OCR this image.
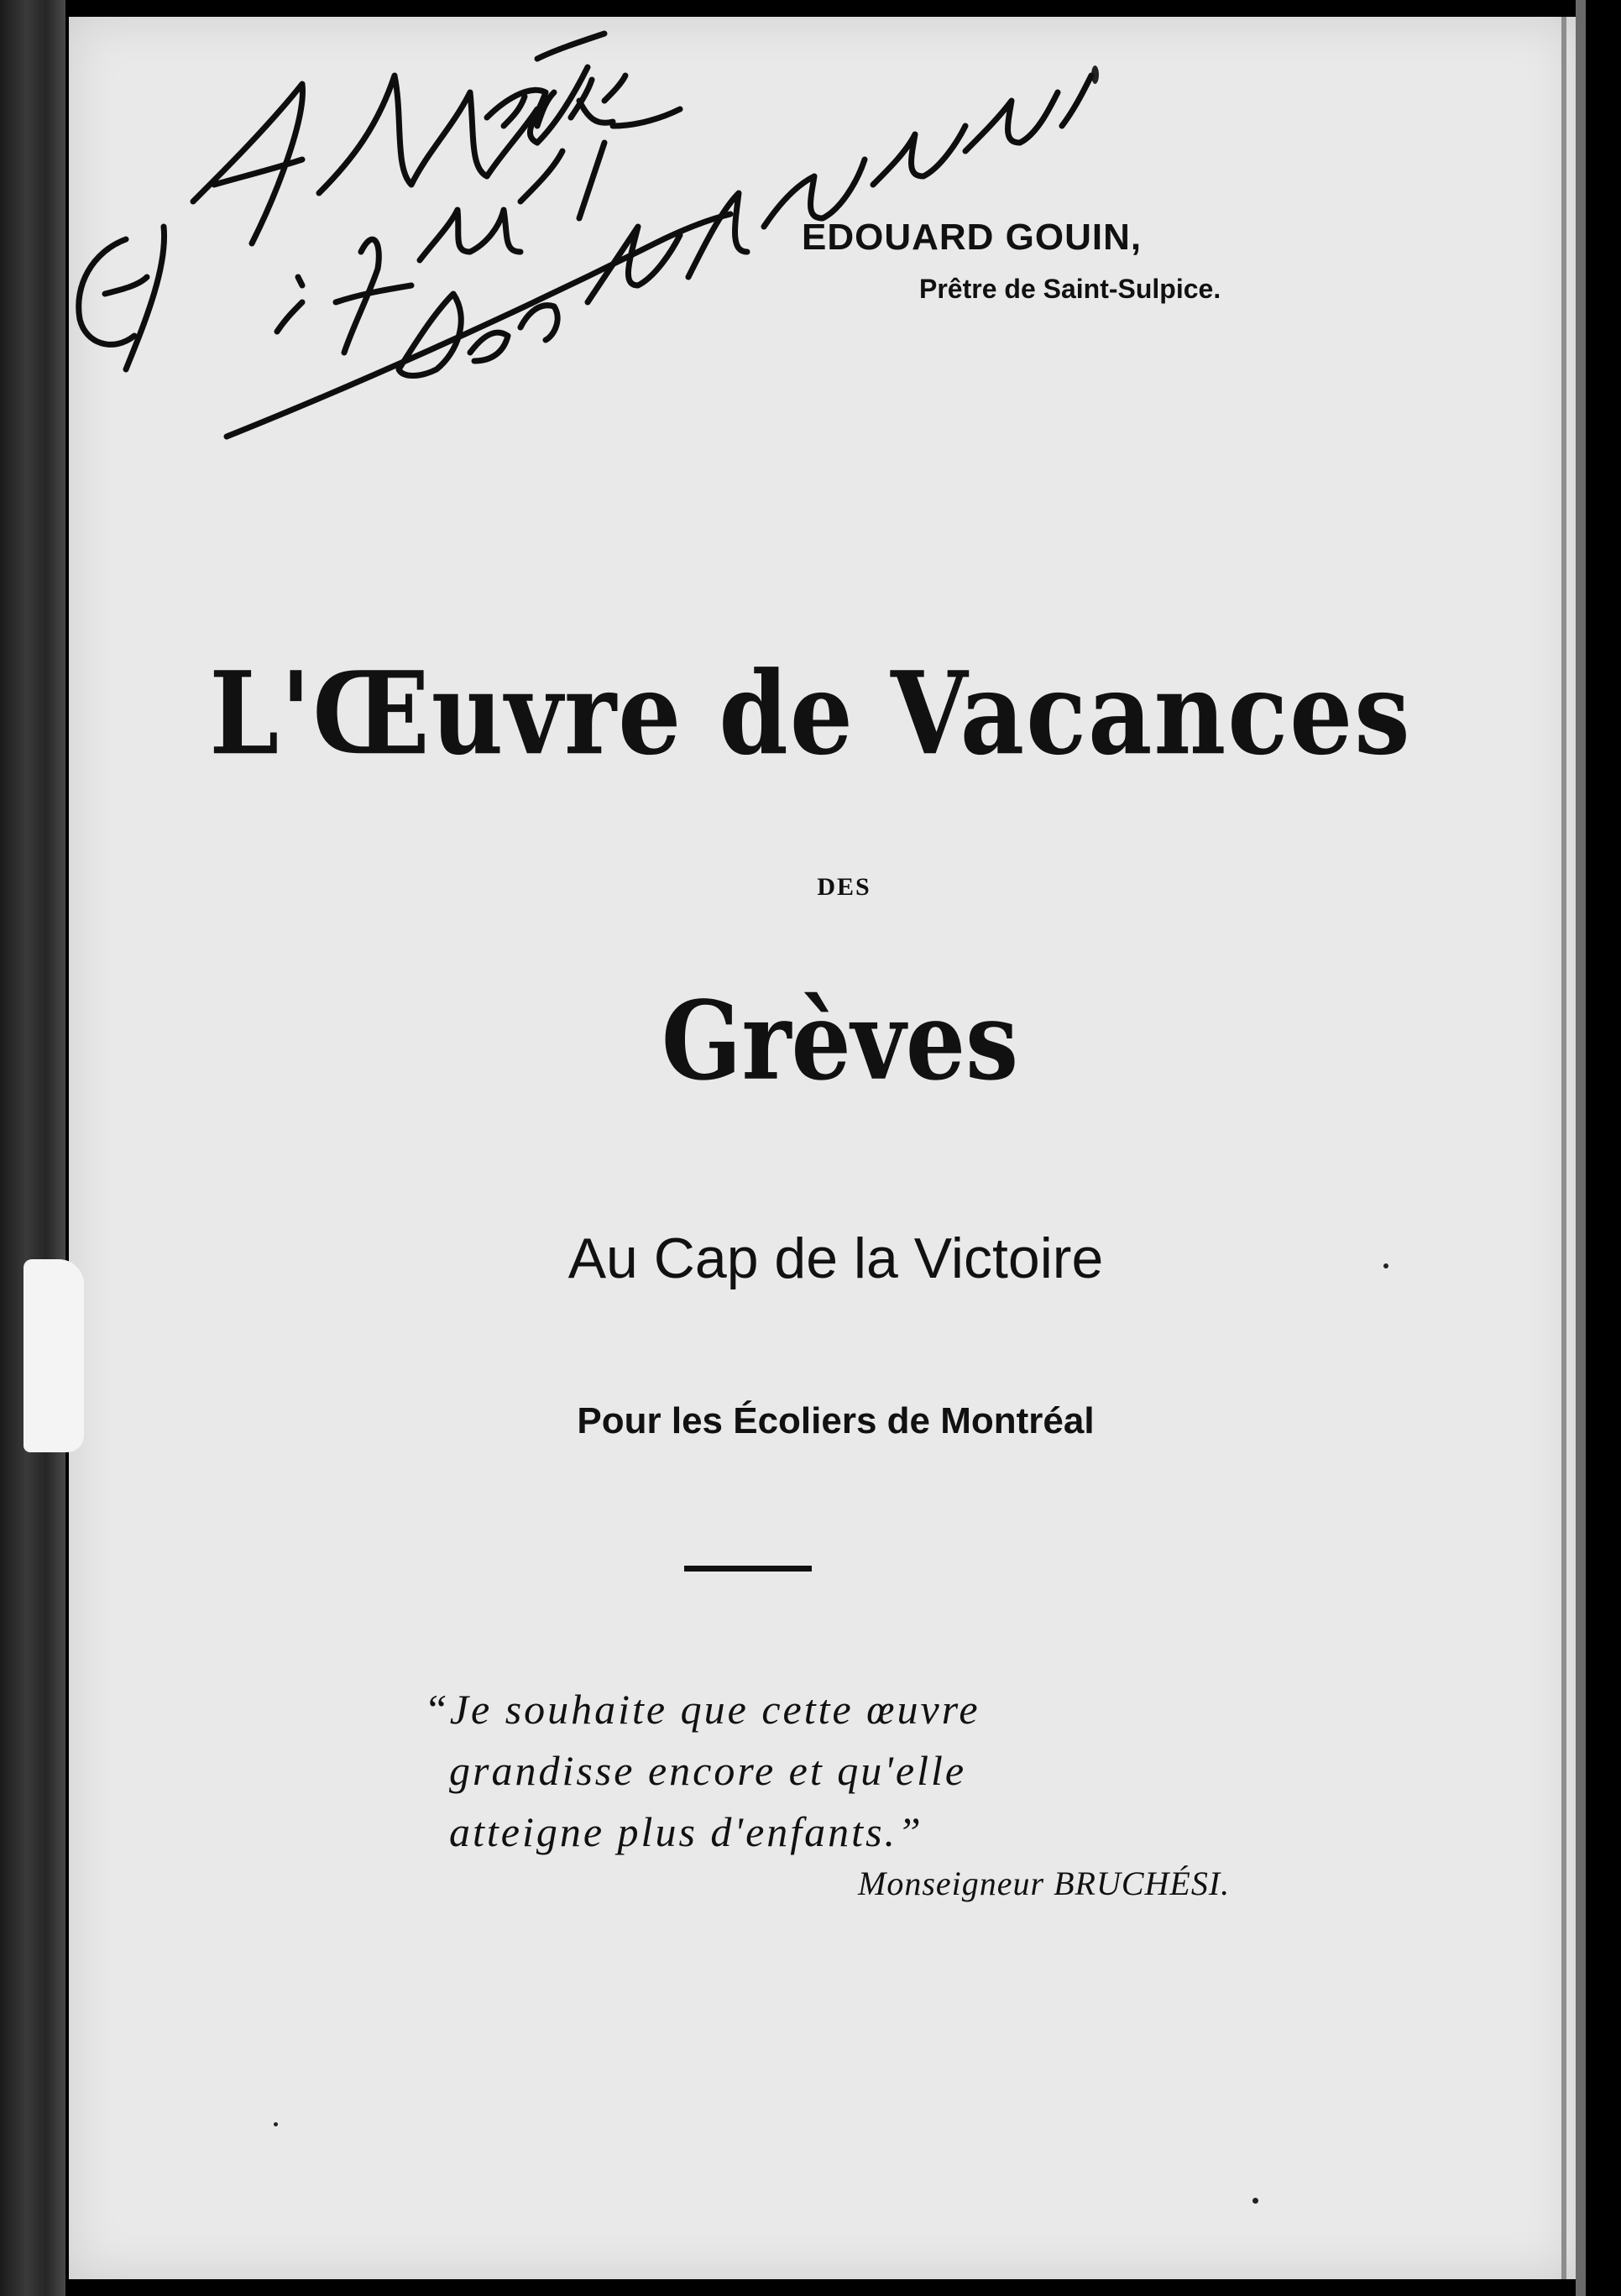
EDOUARD GOUIN,

Prêtre de Saint-Sulpice.

L'Œuvre de Vacances

DES

Grèves

Au Cap de la Victoire

Pour les Écoliers de Montréal

“Je souhaite que cette œuvre
grandisse encore et qu'elle
atteigne plus d'enfants.”

Monseigneur BRUCHÉSI.
